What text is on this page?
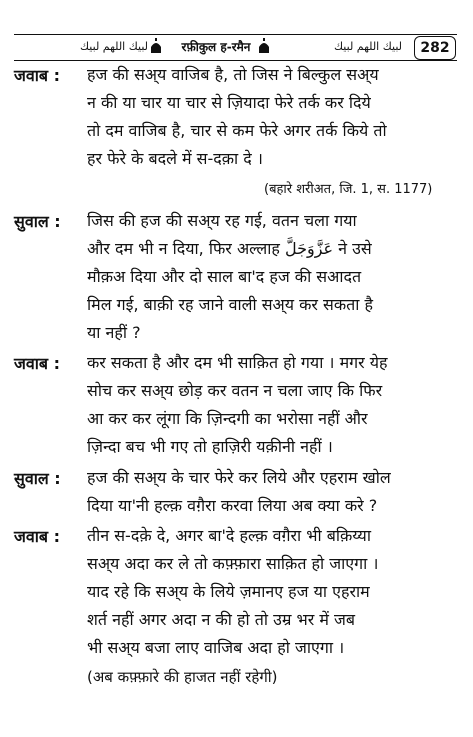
لبيك اللهم لبيك	रफ़ीकुल ह-रमैन	لبيك اللهم لبيك	282
जवाब : हज की सअ्य वाजिब है, तो जिस ने बिल्कुल सअ्य
न की या चार या चार से ज़ियादा फेरे तर्क कर दिये
तो दम वाजिब है, चार से कम फेरे अगर तर्क किये तो
हर फेरे के बदले में स-दक़ा दे ।
(बहारे शरीअत, जि. 1, स. 1177)
सुवाल : जिस की हज की सअ्य रह गई, वतन चला गया
और दम भी न दिया, फिर अल्लाह عَزَّوَجَلَّ ने उसे
मौक़अ दिया और दो साल बा'द हज की सआदत
मिल गई, बाक़ी रह जाने वाली सअ्य कर सकता है
या नहीं ?
जवाब : कर सकता है और दम भी साक़ित हो गया । मगर येह
सोच कर सअ्य छोड़ कर वतन न चला जाए कि फिर
आ कर कर लूंगा कि ज़िन्दगी का भरोसा नहीं और
ज़िन्दा बच भी गए तो हाज़िरी यक़ीनी नहीं ।
सुवाल : हज की सअ्य के चार फेरे कर लिये और एहराम खोल
दिया या'नी हल्क़ वग़ैरा करवा लिया अब क्या करे ?
जवाब : तीन स-दक़े दे, अगर बा'दे हल्क़ वग़ैरा भी बक़िय्या
सअ्य अदा कर ले तो कफ़्फ़ारा साक़ित हो जाएगा ।
याद रहे कि सअ्य के लिये ज़मानए हज या एहराम
शर्त नहीं अगर अदा न की हो तो उम्र भर में जब
भी सअ्य बजा लाए वाजिब अदा हो जाएगा ।
(अब कफ़्फ़ारे की हाजत नहीं रहेगी)
